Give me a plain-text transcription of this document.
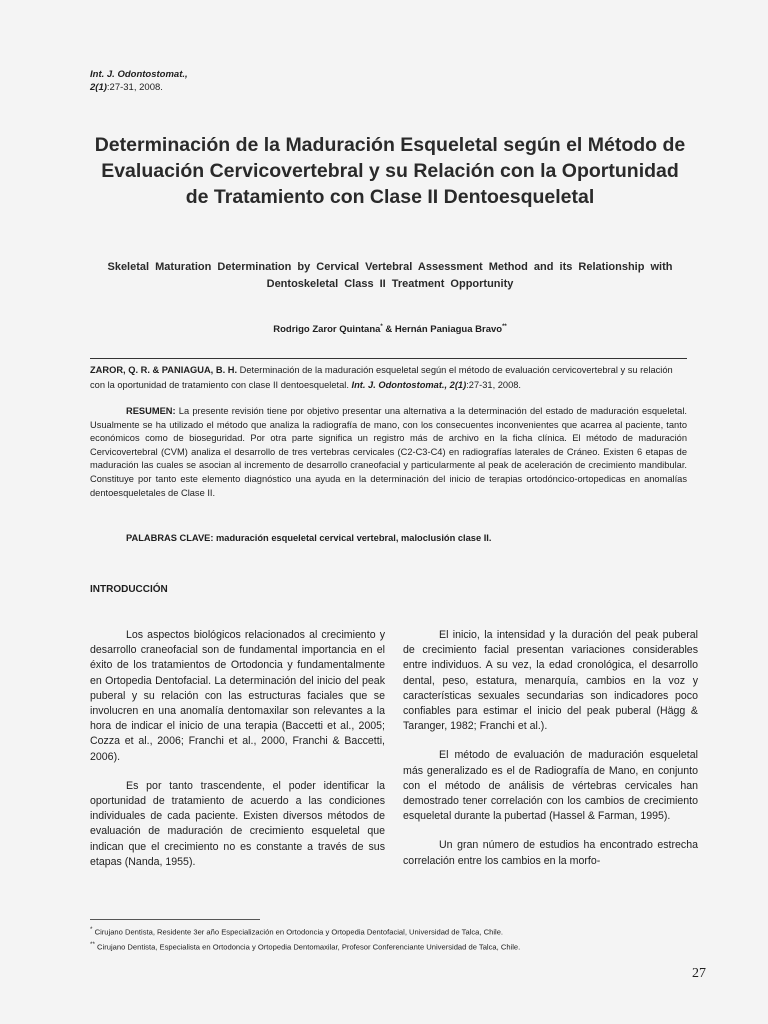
Int. J. Odontostomat.,
2(1):27-31, 2008.
Determinación de la Maduración Esqueletal según el Método de Evaluación Cervicovertebral y su Relación con la Oportunidad de Tratamiento con Clase II Dentoesqueletal
Skeletal Maturation Determination by Cervical Vertebral Assessment Method and its Relationship with Dentoskeletal Class II Treatment Opportunity
Rodrigo Zaror Quintana* & Hernán Paniagua Bravo**
ZAROR, Q. R. & PANIAGUA, B. H. Determinación de la maduración esqueletal según el método de evaluación cervicovertebral y su relación con la oportunidad de tratamiento con clase II dentoesqueletal. Int. J. Odontostomat., 2(1):27-31, 2008.
RESUMEN: La presente revisión tiene por objetivo presentar una alternativa a la determinación del estado de maduración esqueletal. Usualmente se ha utilizado el método que analiza la radiografía de mano, con los consecuentes inconvenientes que acarrea al paciente, tanto económicos como de bioseguridad. Por otra parte significa un registro más de archivo en la ficha clínica. El método de maduración Cervicovertebral (CVM) analiza el desarrollo de tres vertebras cervicales (C2-C3-C4) en radiografías laterales de Cráneo. Existen 6 etapas de maduración las cuales se asocian al incremento de desarrollo craneofacial y particularmente al peak de aceleración de crecimiento mandibular. Constituye por tanto este elemento diagnóstico una ayuda en la determinación del inicio de terapias ortodóncico-ortopedicas en anomalías dentoesqueletales de Clase II.
PALABRAS CLAVE: maduración esqueletal cervical vertebral, maloclusión clase II.
INTRODUCCIÓN

Los aspectos biológicos relacionados al crecimiento y desarrollo craneofacial son de fundamental importancia en el éxito de los tratamientos de Ortodoncia y fundamentalmente en Ortopedia Dentofacial. La determinación del inicio del peak puberal y su relación con las estructuras faciales que se involucren en una anomalía dentomaxilar son relevantes a la hora de indicar el inicio de una terapia (Baccetti et al., 2005; Cozza et al., 2006; Franchi et al., 2000, Franchi & Baccetti, 2006).

Es por tanto trascendente, el poder identificar la oportunidad de tratamiento de acuerdo a las condiciones individuales de cada paciente. Existen diversos métodos de evaluación de maduración de crecimiento esqueletal que indican que el crecimiento no es constante a través de sus etapas (Nanda, 1955).

El inicio, la intensidad y la duración del peak puberal de crecimiento facial presentan variaciones considerables entre individuos. A su vez, la edad cronológica, el desarrollo dental, peso, estatura, menarquía, cambios en la voz y características sexuales secundarias son indicadores poco confiables para estimar el inicio del peak puberal (Hägg & Taranger, 1982; Franchi et al.).

El método de evaluación de maduración esqueletal más generalizado es el de Radiografía de Mano, en conjunto con el método de análisis de vértebras cervicales han demostrado tener correlación con los cambios de crecimiento esqueletal durante la pubertad (Hassel & Farman, 1995).

Un gran número de estudios ha encontrado estrecha correlación entre los cambios en la morfo-

* Cirujano Dentista, Residente 3er año Especialización en Ortodoncia y Ortopedia Dentofacial, Universidad de Talca, Chile.
** Cirujano Dentista, Especialista en Ortodoncia y Ortopedia Dentomaxilar, Profesor Conferenciante Universidad de Talca, Chile.
27
